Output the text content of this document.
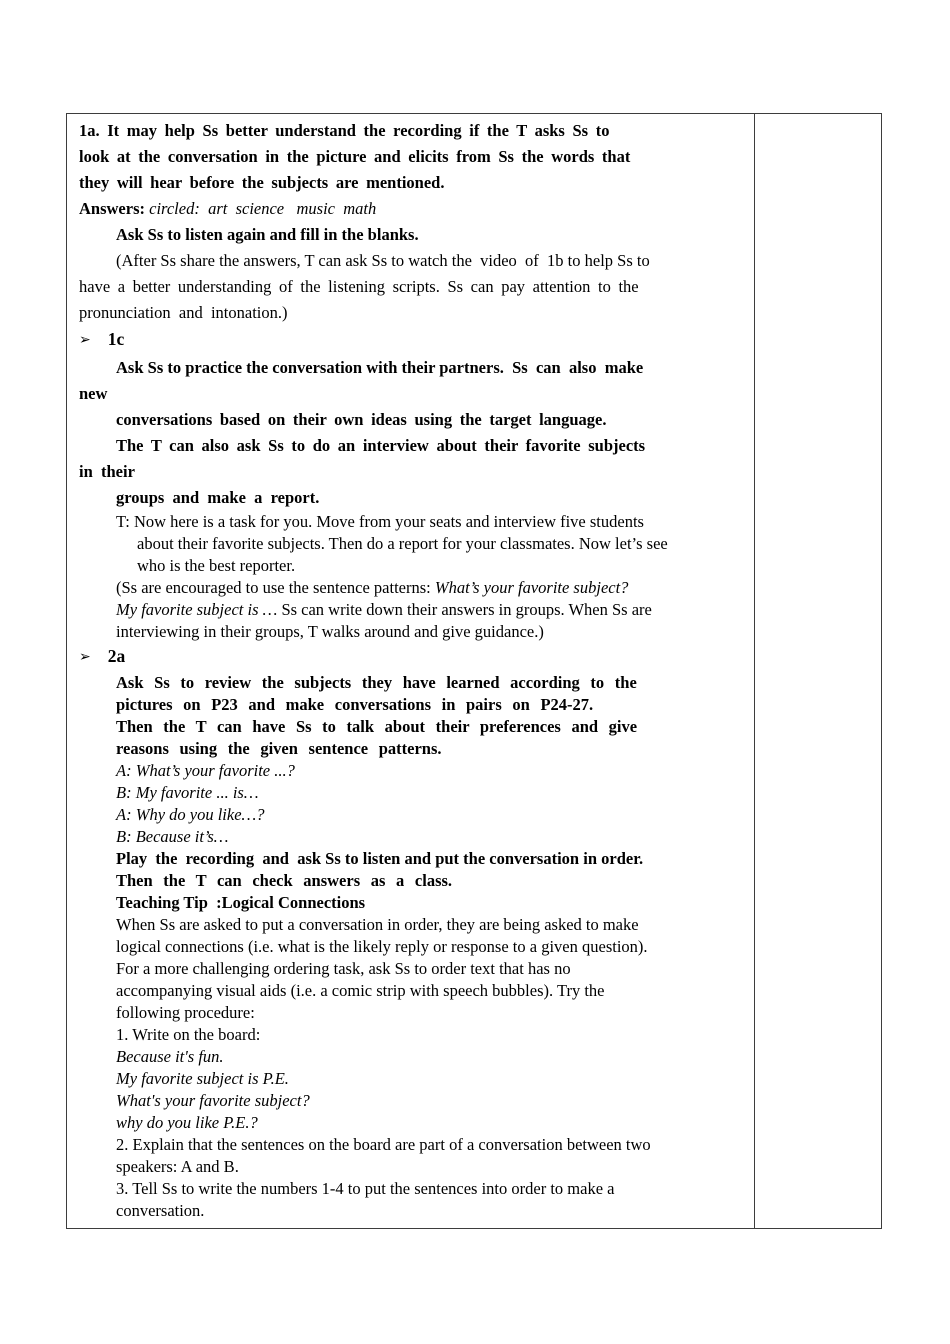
1a. It may help Ss better understand the recording if the T asks Ss to
look at the conversation in the picture and elicits from Ss the words that
they will hear before the subjects are mentioned.
Answers: circled:  art  science   music  math
Ask Ss to listen again and fill in the blanks.
(After Ss share the answers, T can ask Ss to watch the  video  of  1b to help Ss to
have a better understanding of the listening scripts. Ss can pay attention to the
pronunciation  and  intonation.)
➢ 1c
Ask Ss to practice the conversation with their partners.  Ss  can  also  make
new
conversations based on their own ideas using the target language.
The T can also ask Ss to do an interview about their favorite subjects
in  their
groups  and  make  a  report.
T: Now here is a task for you. Move from your seats and interview five students
about their favorite subjects. Then do a report for your classmates. Now let’s see
who is the best reporter.
(Ss are encouraged to use the sentence patterns: What’s your favorite subject?
My favorite subject is … Ss can write down their answers in groups. When Ss are
interviewing in their groups, T walks around and give guidance.)
➢ 2a
Ask Ss to review the subjects they have learned according to the
pictures on P23 and make conversations in pairs on P24-27.
Then the T can have Ss to talk about their preferences and give
reasons using the given sentence patterns.
A: What’s your favorite ...?
B: My favorite ... is…
A: Why do you like…?
B: Because it’s…
Play  the  recording  and  ask Ss to listen and put the conversation in order.
Then the T can check answers as a class.
Teaching Tip  :Logical Connections
When Ss are asked to put a conversation in order, they are being asked to make
logical connections (i.e. what is the likely reply or response to a given question).
For a more challenging ordering task, ask Ss to order text that has no
accompanying visual aids (i.e. a comic strip with speech bubbles). Try the
following procedure:
1. Write on the board:
Because it's fun.
My favorite subject is P.E.
What's your favorite subject?
why do you like P.E.?
2. Explain that the sentences on the board are part of a conversation between two
speakers: A and B.
3. Tell Ss to write the numbers 1-4 to put the sentences into order to make a
conversation.
